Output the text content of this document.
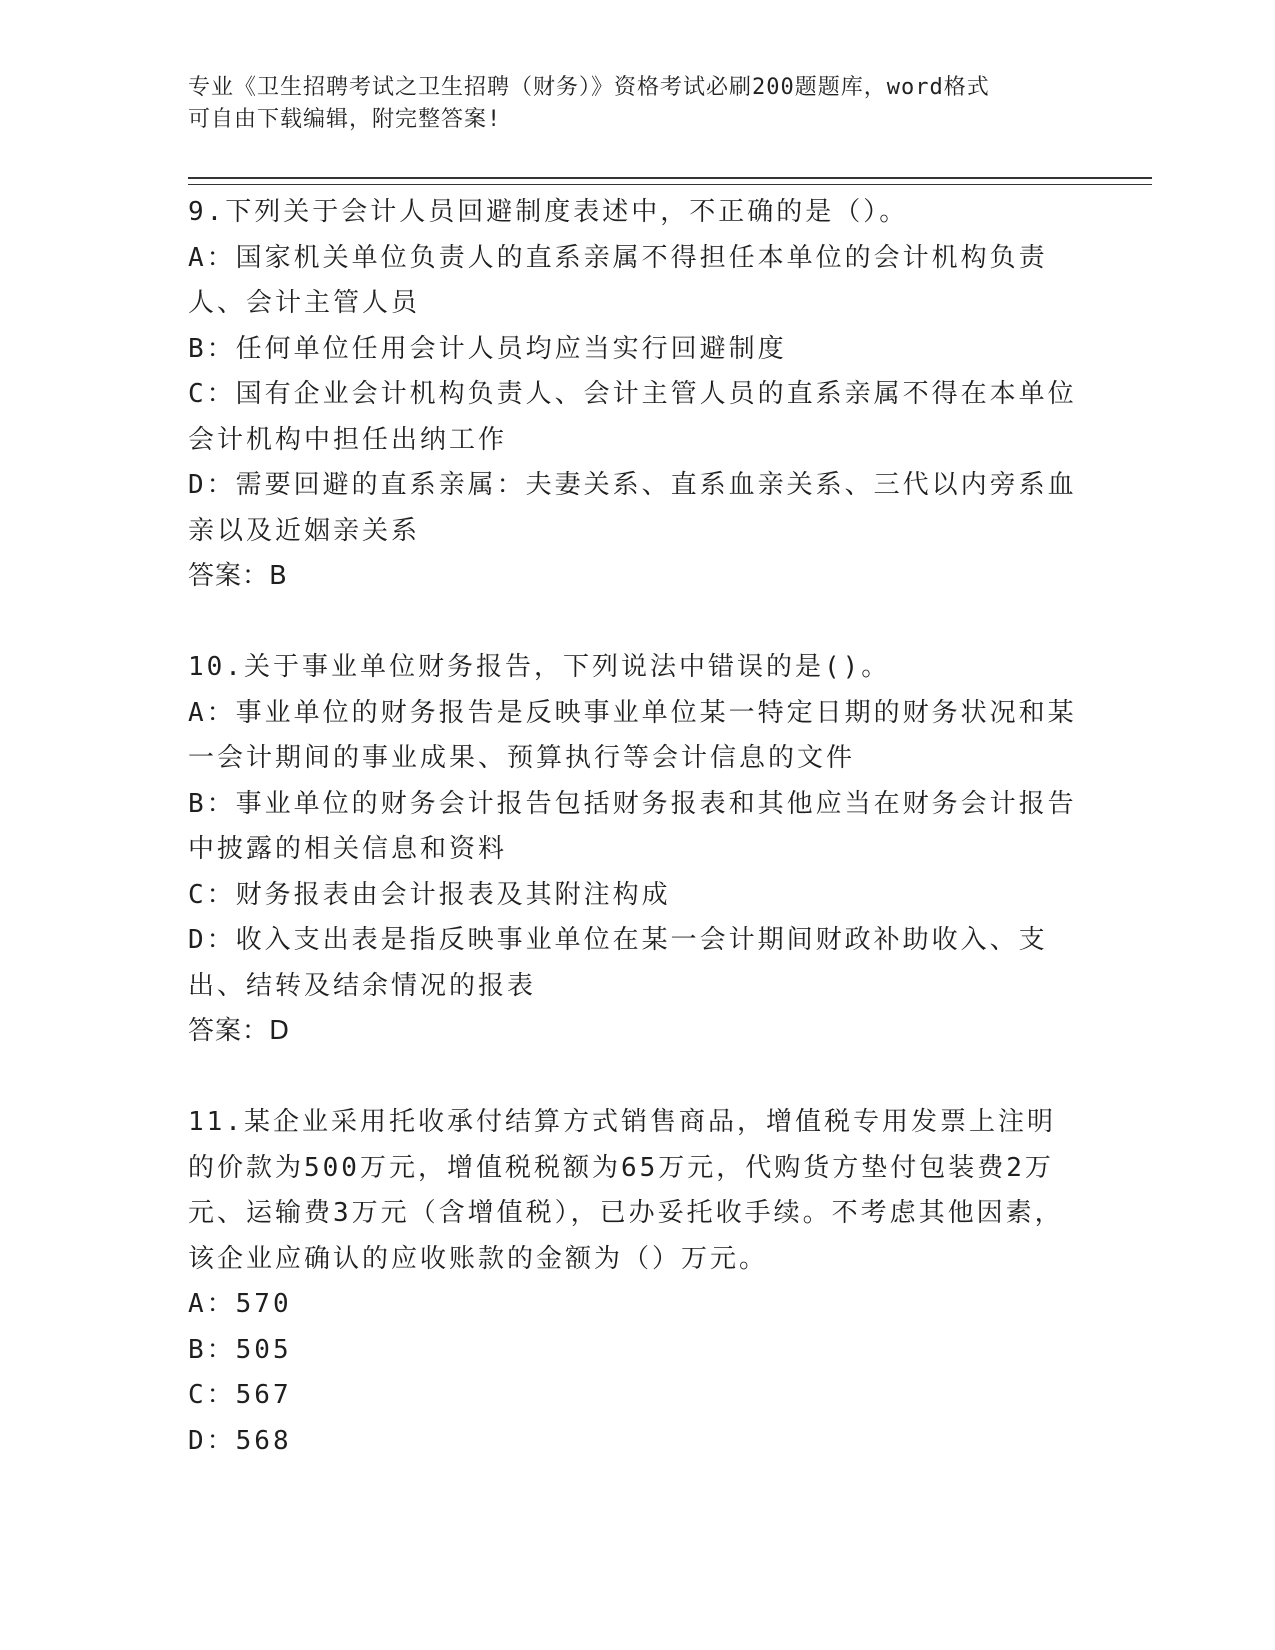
专业《卫生招聘考试之卫生招聘（财务）》资格考试必刷200题题库，word格式
可自由下载编辑，附完整答案!

9.下列关于会计人员回避制度表述中，不正确的是（）。

A：国家机关单位负责人的直系亲属不得担任本单位的会计机构负责人、会计主管人员

B：任何单位任用会计人员均应当实行回避制度

C：国有企业会计机构负责人、会计主管人员的直系亲属不得在本单位会计机构中担任出纳工作

D：需要回避的直系亲属：夫妻关系、直系血亲关系、三代以内旁系血亲以及近姻亲关系

答案：B

10.关于事业单位财务报告，下列说法中错误的是()。

A：事业单位的财务报告是反映事业单位某一特定日期的财务状况和某一会计期间的事业成果、预算执行等会计信息的文件

B：事业单位的财务会计报告包括财务报表和其他应当在财务会计报告中披露的相关信息和资料

C：财务报表由会计报表及其附注构成

D：收入支出表是指反映事业单位在某一会计期间财政补助收入、支出、结转及结余情况的报表

答案：D

11.某企业采用托收承付结算方式销售商品，增值税专用发票上注明的价款为500万元，增值税税额为65万元，代购货方垫付包装费2万元、运输费3万元（含增值税），已办妥托收手续。不考虑其他因素，该企业应确认的应收账款的金额为（）万元。

A：570

B：505

C：567

D：568
